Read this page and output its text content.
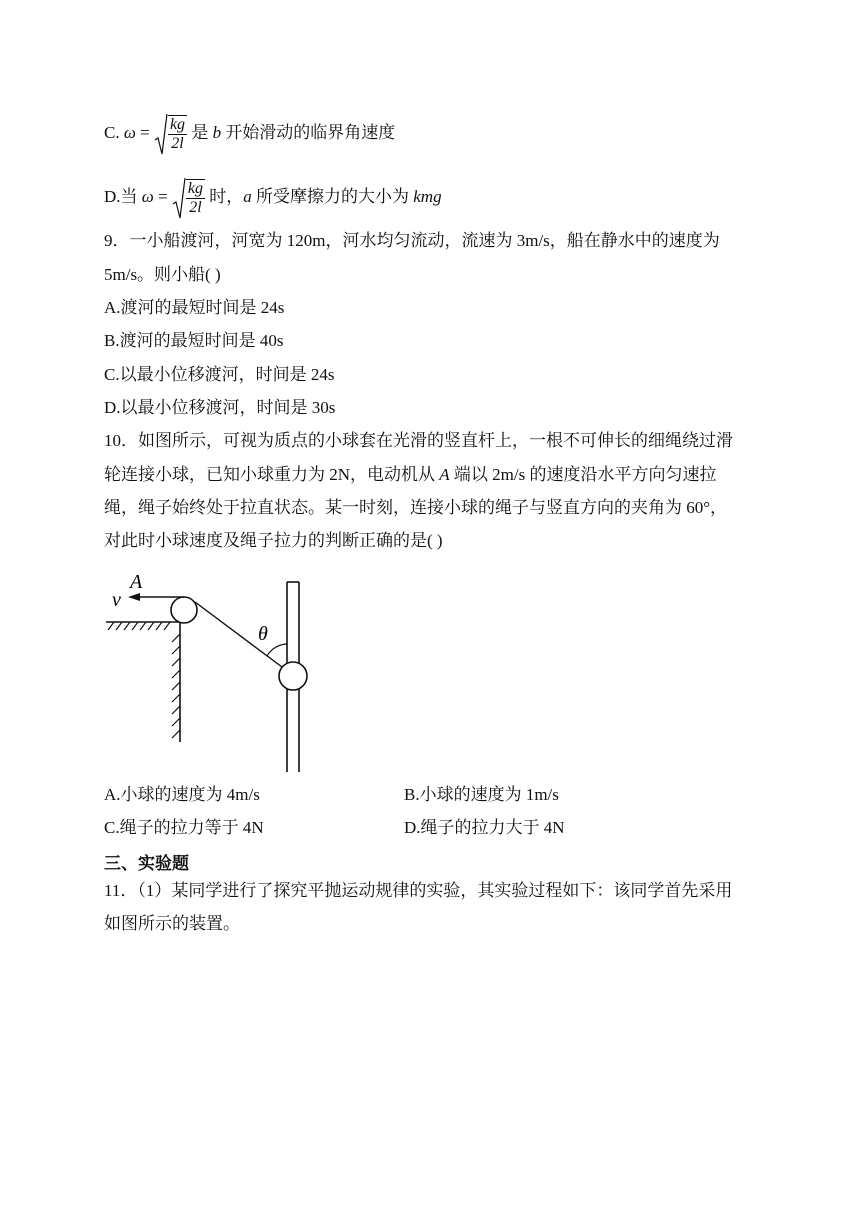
C. $\omega = \frac{kg}{2l}$ 是 b 开始滑动的临界角速度
D.当 $\omega = \frac{kg}{2l}$ 时，a 所受摩擦力的大小为 kmg
9．一小船渡河，河宽为 120m，河水均匀流动，流速为 3m/s，船在静水中的速度为
5m/s。则小船( )
A.渡河的最短时间是 24s
B.渡河的最短时间是 40s
C.以最小位移渡河，时间是 24s
D.以最小位移渡河，时间是 30s
10．如图所示，可视为质点的小球套在光滑的竖直杆上，一根不可伸长的细绳绕过滑
轮连接小球，已知小球重力为 2N，电动机从 A 端以 2m/s 的速度沿水平方向匀速拉
绳，绳子始终处于拉直状态。某一时刻，连接小球的绳子与竖直方向的夹角为 60°，
对此时小球速度及绳子拉力的判断正确的是( )
A
v
θ
A.小球的速度为 4m/s	B.小球的速度为 1m/s
C.绳子的拉力等于 4N	D.绳子的拉力大于 4N
三、实验题
11．（1）某同学进行了探究平抛运动规律的实验，其实验过程如下：该同学首先采用
如图所示的装置。
